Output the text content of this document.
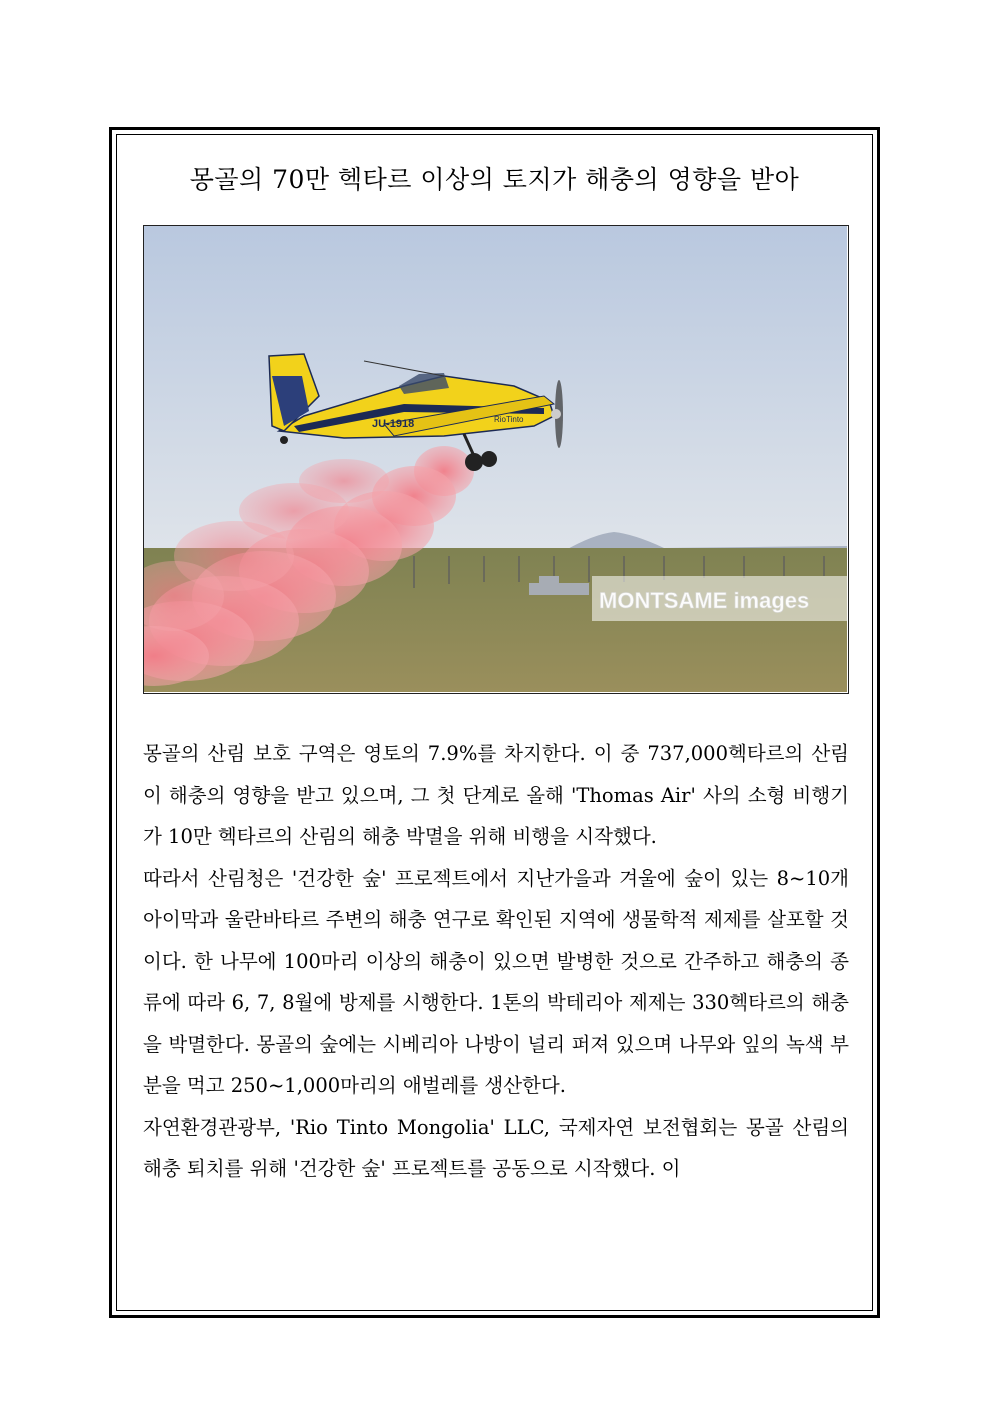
몽골의 70만 헥타르 이상의 토지가 해충의 영향을 받아
JU-1918	RioTinto
MONTSAME images

몽골의 산림 보호 구역은 영토의 7.9%를 차지한다. 이 중 737,000헥타르의 산림이 해충의 영향을 받고 있으며, 그 첫 단계로 올해 'Thomas Air' 사의 소형 비행기가 10만 헥타르의 산림의 해충 박멸을 위해 비행을 시작했다.

따라서 산림청은 '건강한 숲' 프로젝트에서 지난가을과 겨울에 숲이 있는 8~10개 아이막과 울란바타르 주변의 해충 연구로 확인된 지역에 생물학적 제제를 살포할 것이다. 한 나무에 100마리 이상의 해충이 있으면 발병한 것으로 간주하고 해충의 종류에 따라 6, 7, 8월에 방제를 시행한다. 1톤의 박테리아 제제는 330헥타르의 해충을 박멸한다. 몽골의 숲에는 시베리아 나방이 널리 퍼져 있으며 나무와 잎의 녹색 부분을 먹고 250~1,000마리의 애벌레를 생산한다.

자연환경관광부, 'Rio Tinto Mongolia' LLC, 국제자연 보전협회는 몽골 산림의 해충 퇴치를 위해 '건강한 숲' 프로젝트를 공동으로 시작했다. 이
